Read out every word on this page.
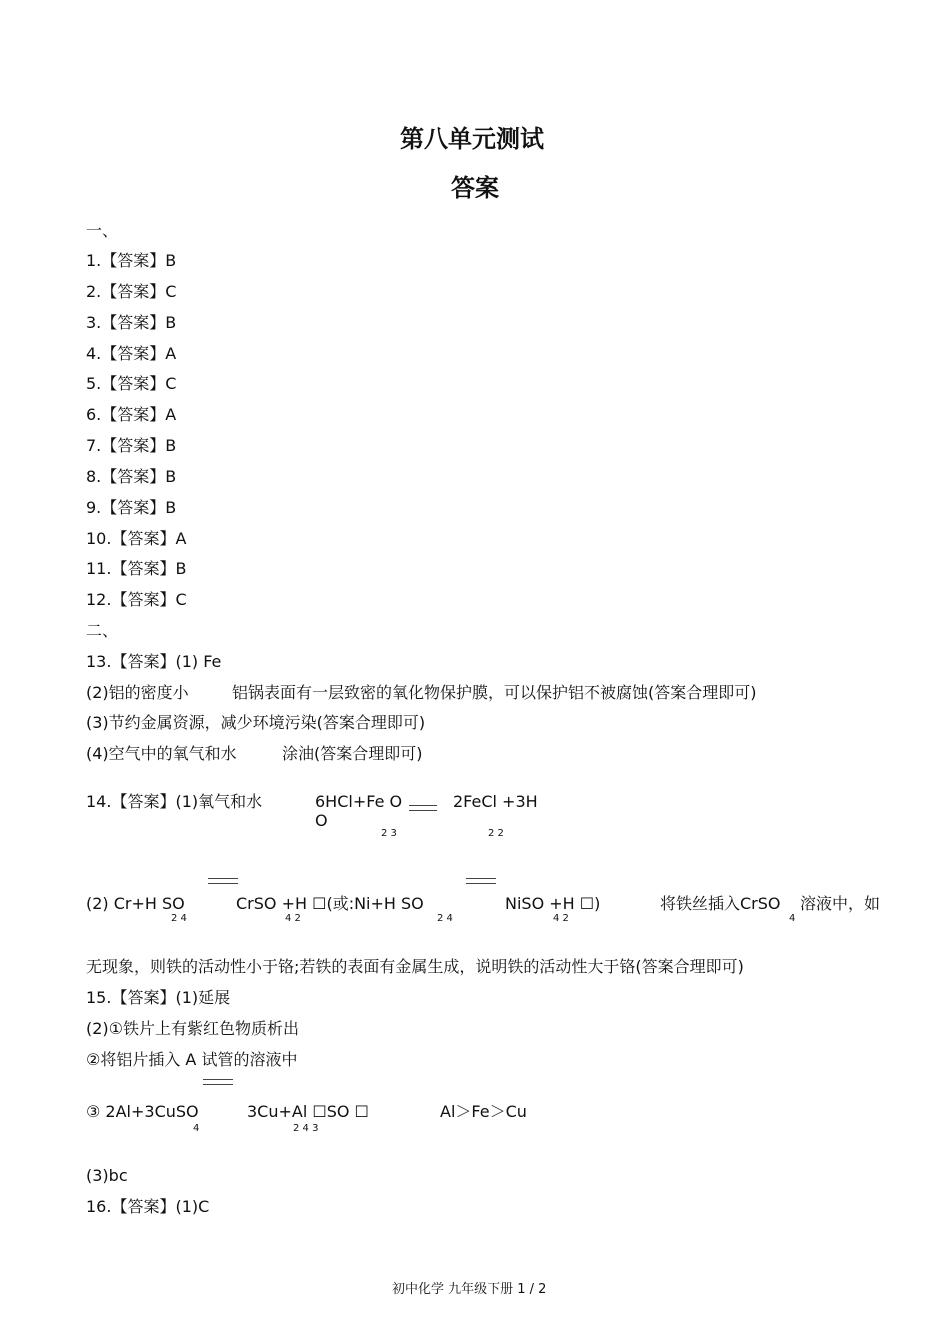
第八单元测试
答案
一、
1.【答案】B
2.【答案】C
3.【答案】B
4.【答案】A
5.【答案】C
6.【答案】A
7.【答案】B
8.【答案】B
9.【答案】B
10.【答案】A
11.【答案】B
12.【答案】C
二、
13.【答案】(1) Fe
(2)铝的密度小	铝锅表面有一层致密的氧化物保护膜，可以保护铝不被腐蚀(答案合理即可)
(3)节约金属资源，减少环境污染(答案合理即可)
(4)空气中的氧气和水	涂油(答案合理即可)
14.【答案】(1)氧气和水	6HCl+Fe O	2FeCl +3H
O
2 3	2 2
(2) Cr+H SO	CrSO +H ☐(或:Ni+H SO	NiSO +H ☐)	将铁丝插入CrSO 溶液中，如
2 4	4 2	2 4	4 2	4
无现象，则铁的活动性小于铬;若铁的表面有金属生成，说明铁的活动性大于铬(答案合理即可)
15.【答案】(1)延展
(2)①铁片上有紫红色物质析出
②将铝片插入 A 试管的溶液中
③ 2Al+3CuSO	3Cu+Al ☐SO ☐	Al＞Fe＞Cu
4	2 4 3
(3)bc
16.【答案】(1)C
初中化学 九年级下册 1 / 2
